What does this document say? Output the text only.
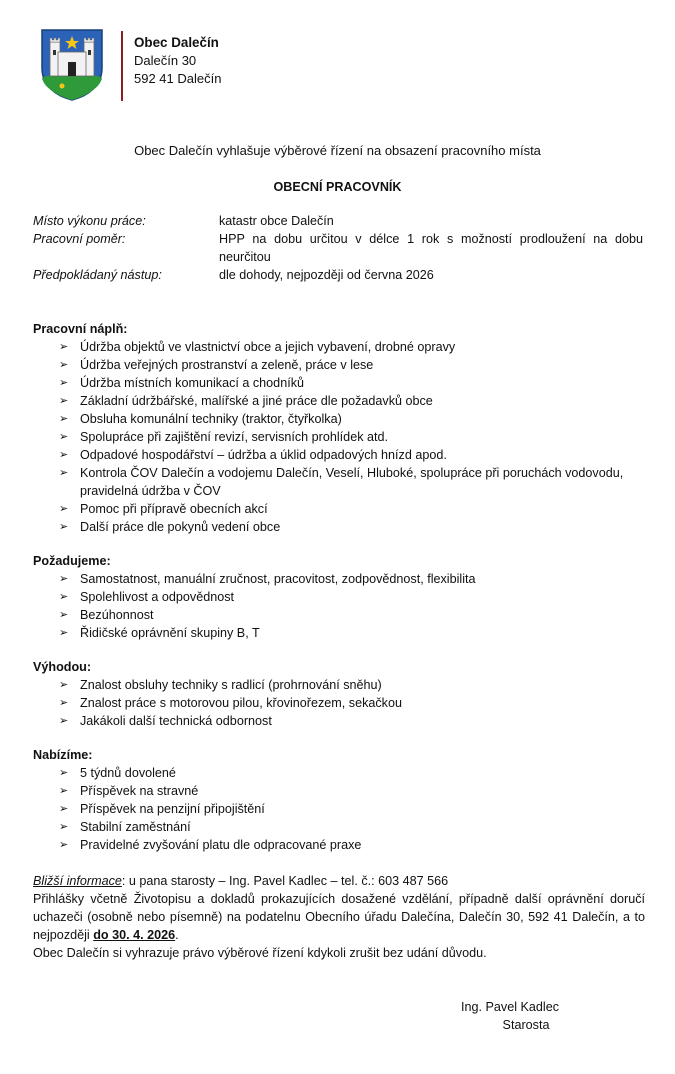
Obec Dalečín
Dalečín 30
592 41 Dalečín
Obec Dalečín vyhlašuje výběrové řízení na obsazení pracovního místa
OBECNÍ PRACOVNÍK
Místo výkonu práce:	katastr obce Dalečín
Pracovní poměr:	HPP na dobu určitou v délce 1 rok s možností prodloužení na dobu neurčitou
Předpokládaný nástup:	dle dohody, nejpozději od června 2026
Pracovní náplň:
➢ Údržba objektů ve vlastnictví obce a jejich vybavení, drobné opravy
➢ Údržba veřejných prostranství a zeleně, práce v lese
➢ Údržba místních komunikací a chodníků
➢ Základní údržbářské, malířské a jiné práce dle požadavků obce
➢ Obsluha komunální techniky (traktor, čtyřkolka)
➢ Spolupráce při zajištění revizí, servisních prohlídek atd.
➢ Odpadové hospodářství – údržba a úklid odpadových hnízd apod.
➢ Kontrola ČOV Dalečín a vodojemu Dalečín, Veselí, Hluboké, spolupráce při poruchách vodovodu, pravidelná údržba v ČOV
➢ Pomoc při přípravě obecních akcí
➢ Další práce dle pokynů vedení obce
Požadujeme:
➢ Samostatnost, manuální zručnost, pracovitost, zodpovědnost, flexibilita
➢ Spolehlivost a odpovědnost
➢ Bezúhonnost
➢ Řidičské oprávnění skupiny B, T
Výhodou:
➢ Znalost obsluhy techniky s radlicí (prohrnování sněhu)
➢ Znalost práce s motorovou pilou, křovinořezem, sekačkou
➢ Jakákoli další technická odbornost
Nabízíme:
➢ 5 týdnů dovolené
➢ Příspěvek na stravné
➢ Příspěvek na penzijní připojištění
➢ Stabilní zaměstnání
➢ Pravidelné zvyšování platu dle odpracované praxe
Bližší informace: u pana starosty – Ing. Pavel Kadlec – tel. č.: 603 487 566
Přihlášky včetně Životopisu a dokladů prokazujících dosažené vzdělání, případně další oprávnění doručí uchazeči (osobně nebo písemně) na podatelnu Obecního úřadu Dalečína, Dalečín 30, 592 41 Dalečín, a to nejpozději do 30. 4. 2026.
Obec Dalečín si vyhrazuje právo výběrové řízení kdykoli zrušit bez udání důvodu.
Ing. Pavel Kadlec
Starosta
